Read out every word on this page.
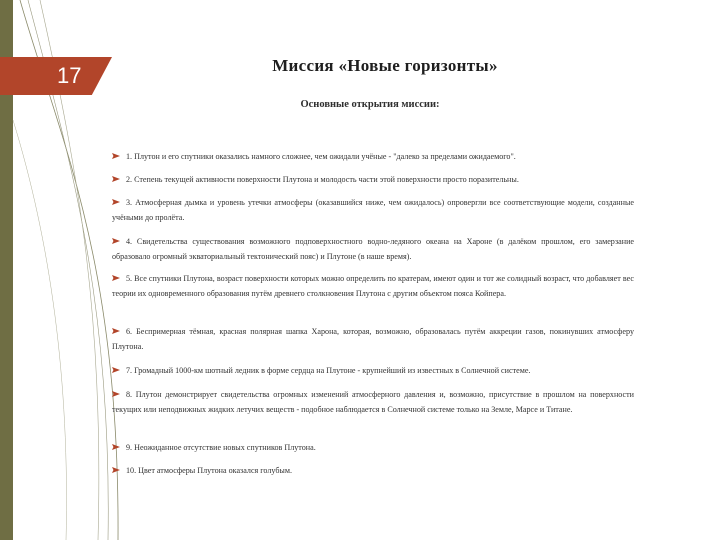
17	Миссия «Новые горизонты»
Основные открытия миссии:
1. Плутон и его спутники оказались намного сложнее, чем ожидали учёные - "далеко за пределами ожидаемого".
2. Степень текущей активности поверхности Плутона и молодость части этой поверхности просто поразительны.
3. Атмосферная дымка и уровень утечки атмосферы (оказавшийся ниже, чем ожидалось) опровергли все соответствующие модели, созданные учёными до пролёта.
4. Свидетельства существования возможного подповерхностного водно-ледяного океана на Хароне (в далёком прошлом, его замерзание образовало огромный экваториальный тектонический пояс) и Плутоне (в наше время).
5. Все спутники Плутона, возраст поверхности которых можно определить по кратерам, имеют один и тот же солидный возраст, что добавляет вес теории их одновременного образования путём древнего столкновения Плутона с другим объектом пояса Койпера.
6. Беспримерная тёмная, красная полярная шапка Харона, которая, возможно, образовалась путём аккреции газов, покинувших атмосферу Плутона.
7. Громадный 1000-км шотный ледник в форме сердца на Плутоне - крупнейший из известных в Солнечной системе.
8. Плутон демонстрирует свидетельства огромных изменений атмосферного давления и, возможно, присутствие в прошлом на поверхности текущих или неподвижных жидких летучих веществ - подобное наблюдается в Солнечной системе только на Земле, Марсе и Титане.
9. Неожиданное отсутствие новых спутников Плутона.
10. Цвет атмосферы Плутона оказался голубым.
